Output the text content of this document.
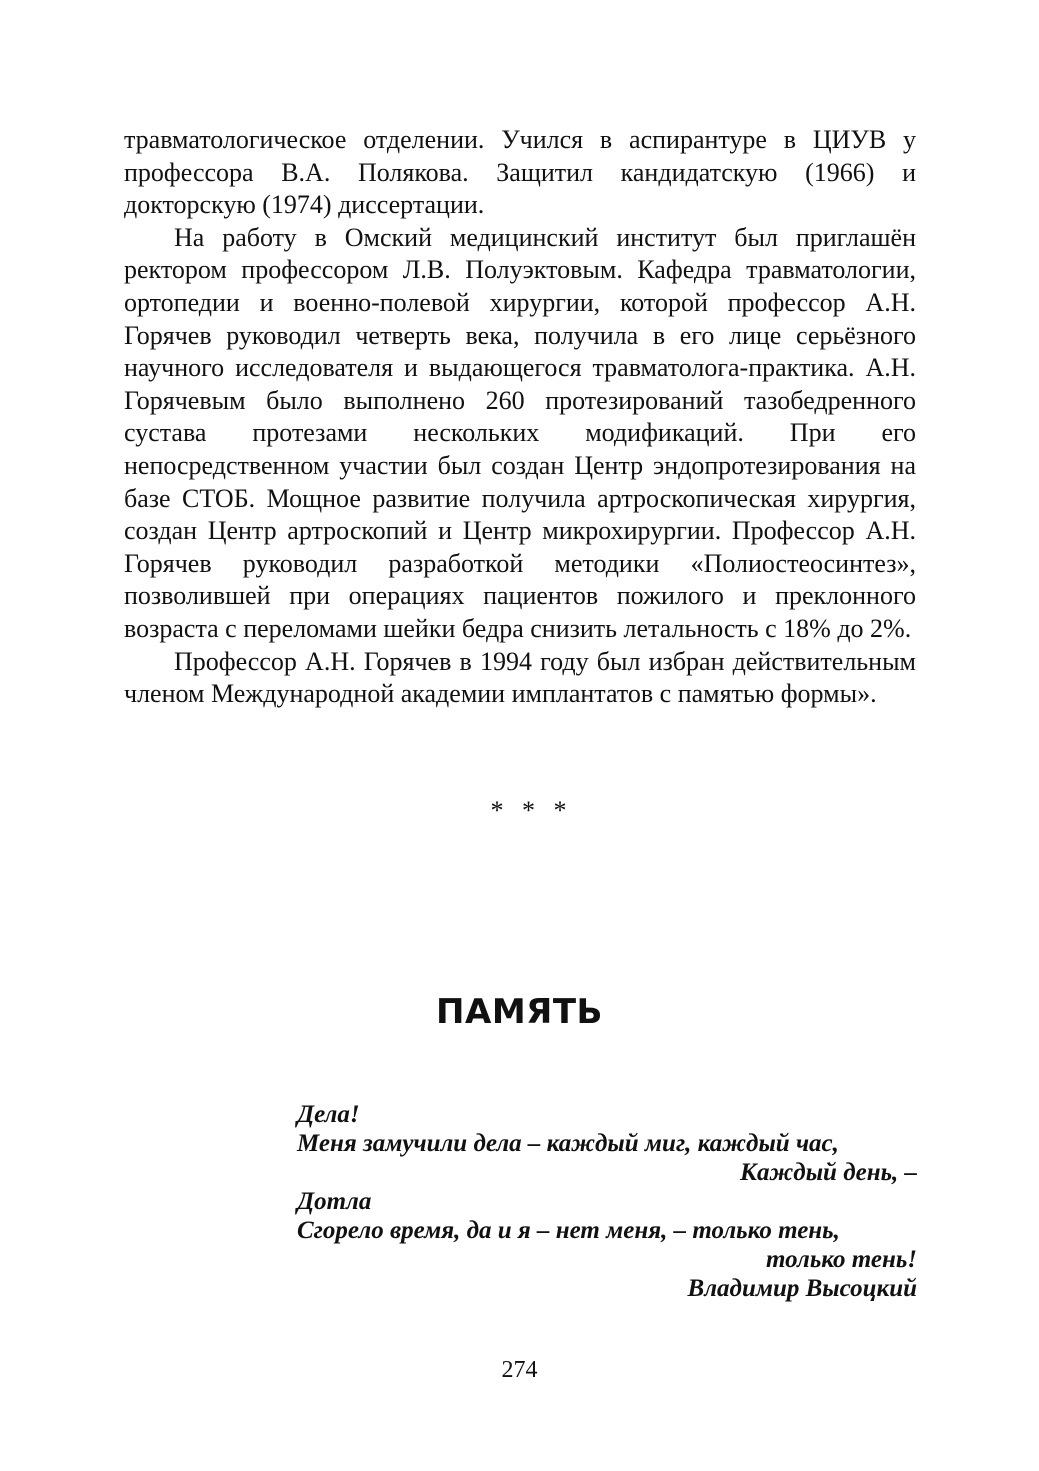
травматологическое отделении. Учился в аспирантуре в ЦИУВ у профессора В.А. Полякова. Защитил кандидатскую (1966) и докторскую (1974) диссертации.

На работу в Омский медицинский институт был приглашён ректором профессором Л.В. Полуэктовым. Кафедра травматологии, ортопедии и военно-полевой хирургии, которой профессор А.Н. Горячев руководил четверть века, получила в его лице серьёзного научного исследователя и выдающегося травматолога-практика. А.Н. Горячевым было выполнено 260 протезирований тазобедренного сустава протезами нескольких модификаций. При его непосредственном участии был создан Центр эндопротезирования на базе СТОБ. Мощное развитие получила артроскопическая хирургия, создан Центр артроскопий и Центр микрохирургии. Профессор А.Н. Горячев руководил разработкой методики «Полиостеосинтез», позволившей при операциях пациентов пожилого и преклонного возраста с переломами шейки бедра снизить летальность с 18% до 2%.

Профессор А.Н. Горячев в 1994 году был избран действительным членом Международной академии имплантатов с памятью формы».

* * *
ПАМЯТЬ
Дела!
Меня замучили дела – каждый миг, каждый час,
Каждый день, –
Дотла
Сгорело время, да и я – нет меня, – только тень,
только тень!
Владимир Высоцкий
274
